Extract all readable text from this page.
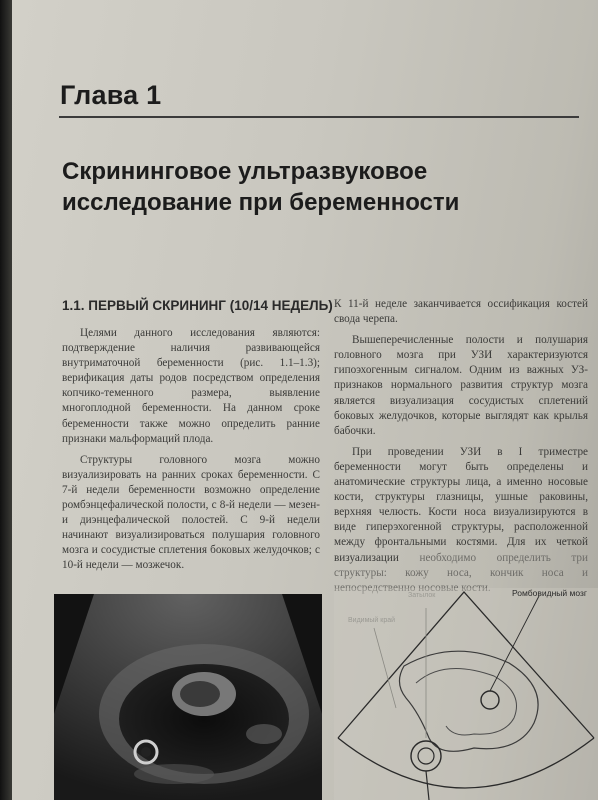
Глава 1
Скрининговое ультразвуковое
исследование при беременности
1.1. ПЕРВЫЙ СКРИНИНГ (10/14 НЕДЕЛЬ)

Целями данного исследования являются: подтверждение наличия развивающейся внутриматочной беременности (рис. 1.1–1.3); верификация даты родов посредством определения копчико-теменного размера, выявление многоплодной беременности. На данном сроке беременности также можно определить ранние признаки мальформаций плода.

Структуры головного мозга можно визуализировать на ранних сроках беременности. С 7-й недели беременности возможно определение ромбэнцефалической полости, с 8-й недели — мезен- и диэнцефалической полостей. С 9-й недели начинают визуализироваться полушария головного мозга и сосудистые сплетения боковых желудочков; с 10-й недели — мозжечок.

К 11-й неделе заканчивается оссификация костей свода черепа.

Вышеперечисленные полости и полушария головного мозга при УЗИ характеризуются гипоэхогенным сигналом. Одним из важных УЗ-признаков нормального развития структур мозга является визуализация сосудистых сплетений боковых желудочков, которые выглядят как крылья бабочки.

При проведении УЗИ в I триместре беременности могут быть определены и анатомические структуры лица, а именно носовые кости, структуры глазницы, ушные раковины, верхняя челюсть. Кости носа визуализируются в виде гиперэхогенной структуры, расположенной между фронтальными костями. Для их четкой визуализации необходимо определить три структуры: кожу носа, кончик носа и непосредственно носовые кости.	Ромбовидный мозг
Затылок
Видимый край
